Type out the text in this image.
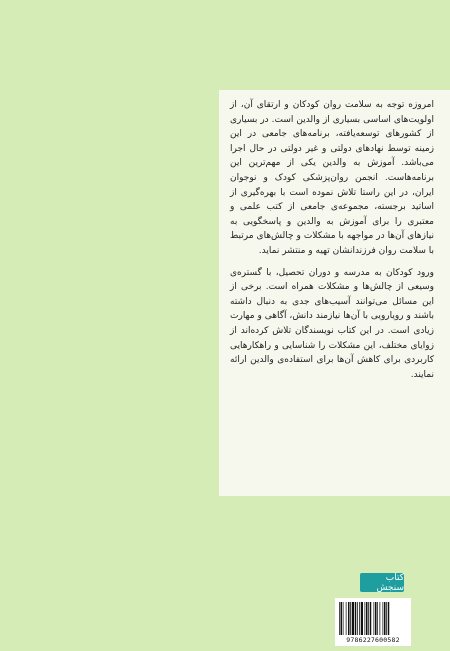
امروزه توجه به سلامت روان کودکان و ارتقای آن، از اولویت‌های اساسی بسیاری از والدین است. در بسیاری از کشورهای توسعه‌یافته، برنامه‌های جامعی در این زمینه توسط نهادهای دولتی و غیر دولتی در حال اجرا می‌باشد. آموزش به والدین یکی از مهم‌ترین این برنامه‌هاست. انجمن روان‌پزشکی کودک و نوجوان ایران، در این راستا تلاش نموده است با بهره‌گیری از اساتید برجسته، مجموعه‌ی جامعی از کتب علمی و معتبری را برای آموزش به والدین و پاسخگویی به نیازهای آن‌ها در مواجهه با مشکلات و چالش‌های مرتبط با سلامت روان فرزندانشان تهیه و منتشر نماید.

ورود کودکان به مدرسه و دوران تحصیل، با گستره‌ی وسیعی از چالش‌ها و مشکلات همراه است. برخی از این مسائل می‌توانند آسیب‌های جدی به دنبال داشته باشند و رویارویی با آن‌ها نیازمند دانش، آگاهی و مهارت زیادی است. در این کتاب نویسندگان تلاش کرده‌اند از زوایای مختلف، این مشکلات را شناسایی و راهکارهایی کاربردی برای کاهش آن‌ها برای استفاده‌ی والدین ارائه نمایند.

کتاب سنجش
9786227600582
